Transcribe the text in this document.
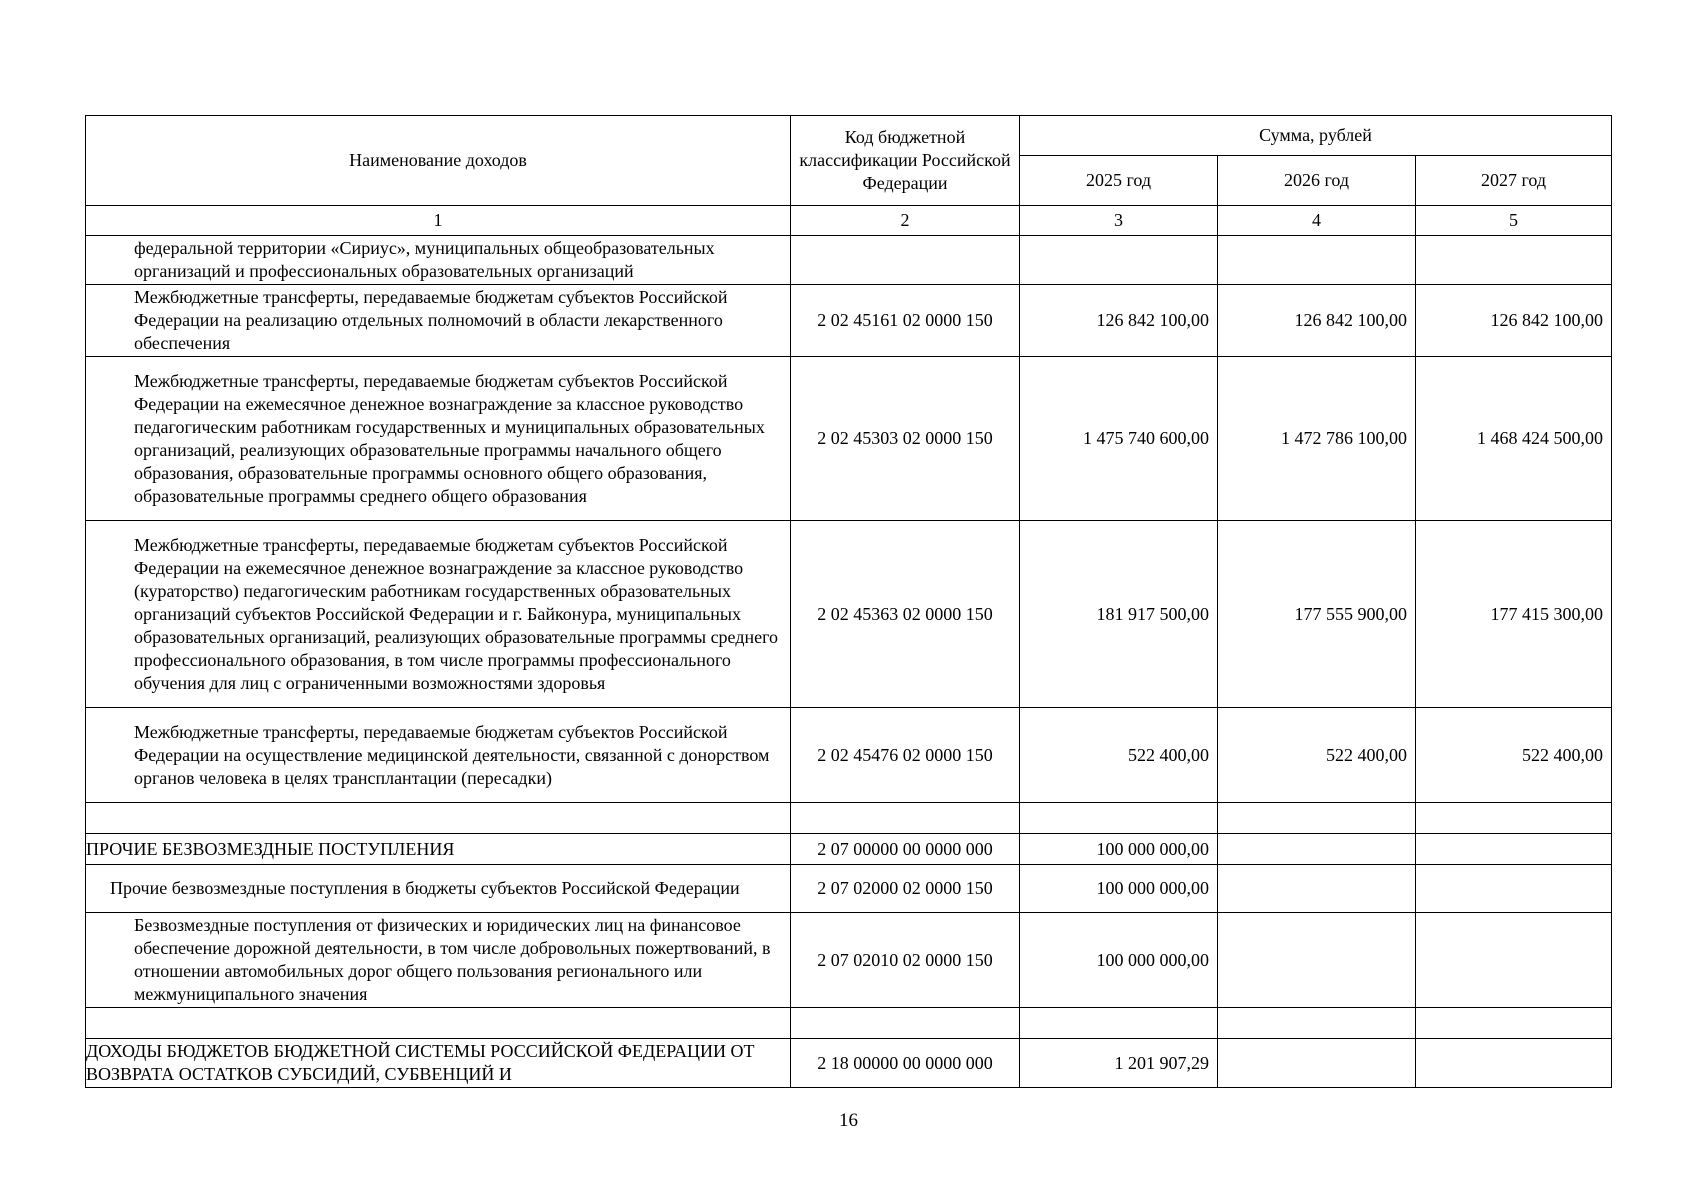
Наименование доходов	Код бюджетной классификации Российской Федерации	Сумма, рублей		
		2025 год	2026 год	2027 год
1	2	3	4	5
федеральной территории «Сириус», муниципальных общеобразовательных организаций и профессиональных образовательных организаций				
Межбюджетные трансферты, передаваемые бюджетам субъектов Российской Федерации на реализацию отдельных полномочий в области лекарственного обеспечения	2 02 45161 02 0000 150	126 842 100,00	126 842 100,00	126 842 100,00
Межбюджетные трансферты, передаваемые бюджетам субъектов Российской Федерации на ежемесячное денежное вознаграждение за классное руководство педагогическим работникам государственных и муниципальных образовательных организаций, реализующих образовательные программы начального общего образования, образовательные программы основного общего образования, образовательные программы среднего общего образования	2 02 45303 02 0000 150	1 475 740 600,00	1 472 786 100,00	1 468 424 500,00
Межбюджетные трансферты, передаваемые бюджетам субъектов Российской Федерации на ежемесячное денежное вознаграждение за классное руководство (кураторство) педагогическим работникам государственных образовательных организаций субъектов Российской Федерации и г. Байконура, муниципальных образовательных организаций, реализующих образовательные программы среднего профессионального образования, в том числе программы профессионального обучения для лиц с ограниченными возможностями здоровья	2 02 45363 02 0000 150	181 917 500,00	177 555 900,00	177 415 300,00
Межбюджетные трансферты, передаваемые бюджетам субъектов Российской Федерации на осуществление медицинской деятельности, связанной с донорством органов человека в целях трансплантации (пересадки)	2 02 45476 02 0000 150	522 400,00	522 400,00	522 400,00

ПРОЧИЕ БЕЗВОЗМЕЗДНЫЕ ПОСТУПЛЕНИЯ	2 07 00000 00 0000 000	100 000 000,00		
Прочие безвозмездные поступления в бюджеты субъектов Российской Федерации	2 07 02000 02 0000 150	100 000 000,00		
Безвозмездные поступления от физических и юридических лиц на финансовое обеспечение дорожной деятельности, в том числе добровольных пожертвований, в отношении автомобильных дорог общего пользования регионального или межмуниципального значения	2 07 02010 02 0000 150	100 000 000,00		

ДОХОДЫ БЮДЖЕТОВ БЮДЖЕТНОЙ СИСТЕМЫ РОССИЙСКОЙ ФЕДЕРАЦИИ ОТ ВОЗВРАТА ОСТАТКОВ СУБСИДИЙ, СУБВЕНЦИЙ И	2 18 00000 00 0000 000	1 201 907,29		
16
